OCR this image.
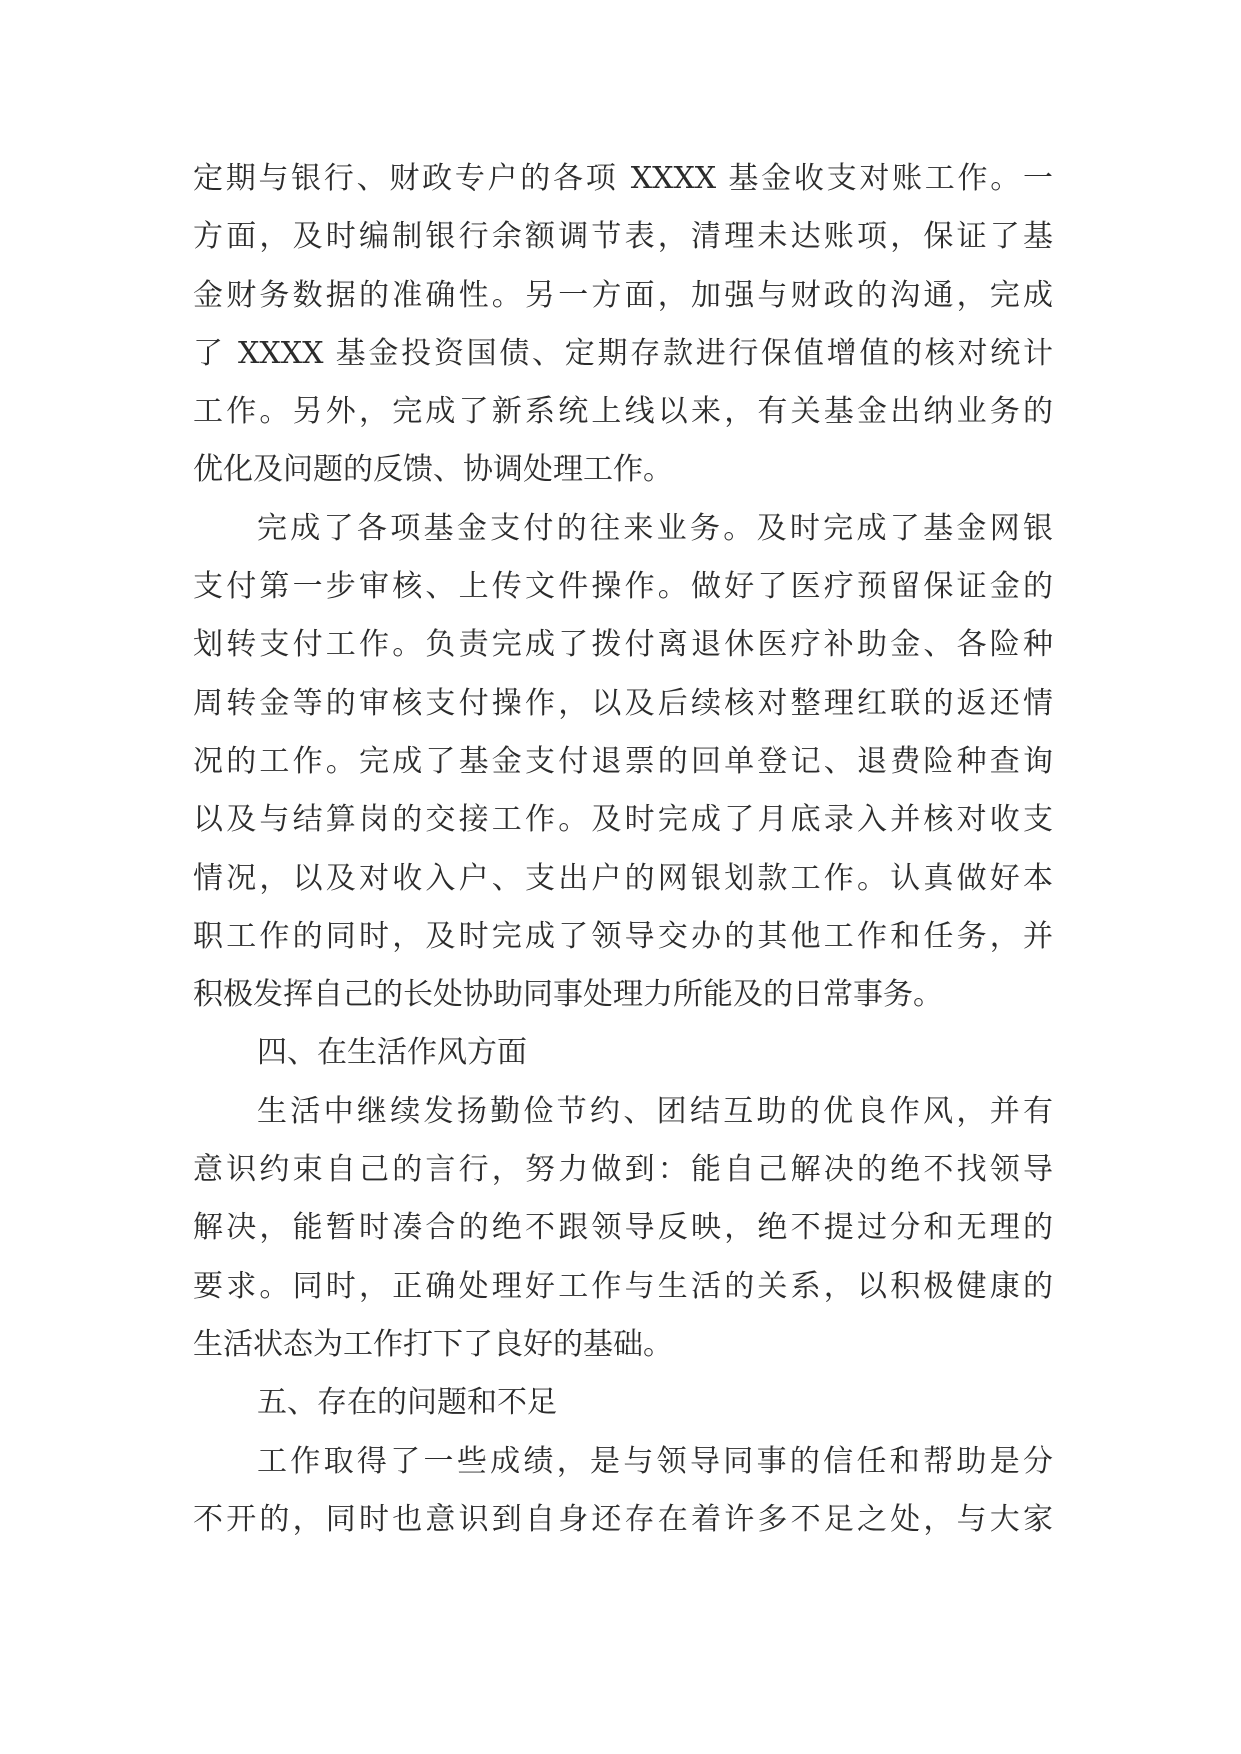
定期与银行、财政专户的各项 XXXX 基金收支对账工作。一
方面，及时编制银行余额调节表，清理未达账项，保证了基
金财务数据的准确性。另一方面，加强与财政的沟通，完成
了 XXXX 基金投资国债、定期存款进行保值增值的核对统计
工作。另外，完成了新系统上线以来，有关基金出纳业务的
优化及问题的反馈、协调处理工作。
完成了各项基金支付的往来业务。及时完成了基金网银
支付第一步审核、上传文件操作。做好了医疗预留保证金的
划转支付工作。负责完成了拨付离退休医疗补助金、各险种
周转金等的审核支付操作，以及后续核对整理红联的返还情
况的工作。完成了基金支付退票的回单登记、退费险种查询
以及与结算岗的交接工作。及时完成了月底录入并核对收支
情况，以及对收入户、支出户的网银划款工作。认真做好本
职工作的同时，及时完成了领导交办的其他工作和任务，并
积极发挥自己的长处协助同事处理力所能及的日常事务。
四、在生活作风方面
生活中继续发扬勤俭节约、团结互助的优良作风，并有
意识约束自己的言行，努力做到：能自己解决的绝不找领导
解决，能暂时凑合的绝不跟领导反映，绝不提过分和无理的
要求。同时，正确处理好工作与生活的关系，以积极健康的
生活状态为工作打下了良好的基础。
五、存在的问题和不足
工作取得了一些成绩，是与领导同事的信任和帮助是分
不开的，同时也意识到自身还存在着许多不足之处，与大家
